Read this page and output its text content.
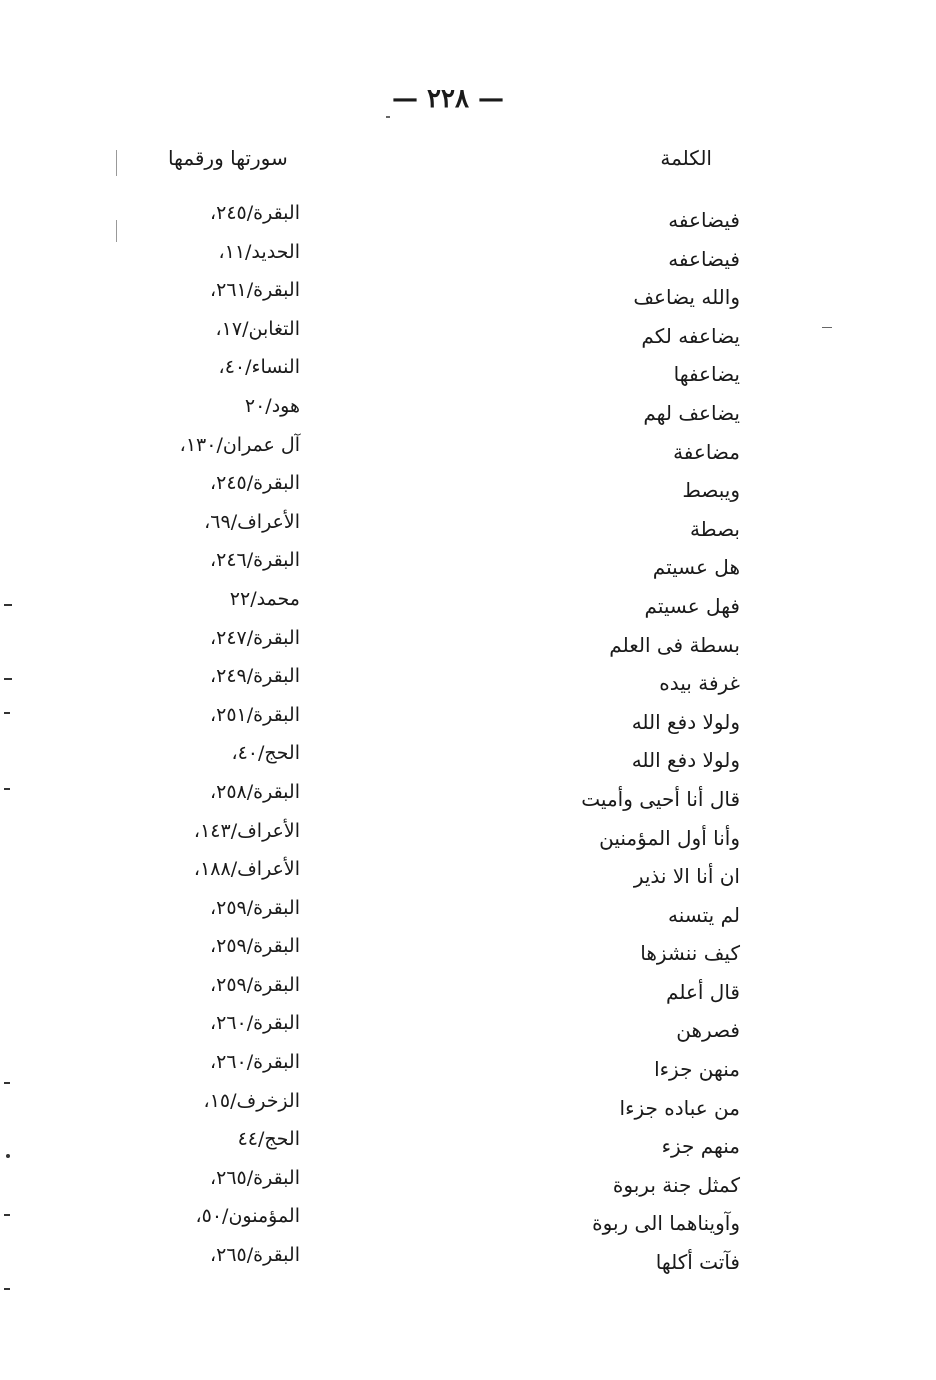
— ٢٢٨ —
الكلمة
سورتها ورقمها
فيضاعفه
البقرة/٢٤٥،
فيضاعفه
الحديد/١١،
والله يضاعف
البقرة/٢٦١،
يضاعفه لكم
التغابن/١٧،
يضاعفها
النساء/٤٠،
يضاعف لهم
هود/٢٠
مضاعفة
آل عمران/١٣٠،
ويبصط
البقرة/٢٤٥،
بصطة
الأعراف/٦٩،
هل عسيتم
البقرة/٢٤٦،
فهل عسيتم
محمد/٢٢
بسطة فى العلم
البقرة/٢٤٧،
غرفة بيده
البقرة/٢٤٩،
ولولا دفع الله
البقرة/٢٥١،
ولولا دفع الله
الحج/٤٠،
قال أنا أحيى وأميت
البقرة/٢٥٨،
وأنا أول المؤمنين
الأعراف/١٤٣،
ان أنا الا نذير
الأعراف/١٨٨،
لم يتسنه
البقرة/٢٥٩،
كيف ننشزها
البقرة/٢٥٩،
قال أعلم
البقرة/٢٥٩،
فصرهن
البقرة/٢٦٠،
منهن جزءا
البقرة/٢٦٠،
من عباده جزءا
الزخرف/١٥،
منهم جزء
الحج/٤٤
كمثل جنة بربوة
البقرة/٢٦٥،
وآويناهما الى ربوة
المؤمنون/٥٠،
فآتت أكلها
البقرة/٢٦٥،
